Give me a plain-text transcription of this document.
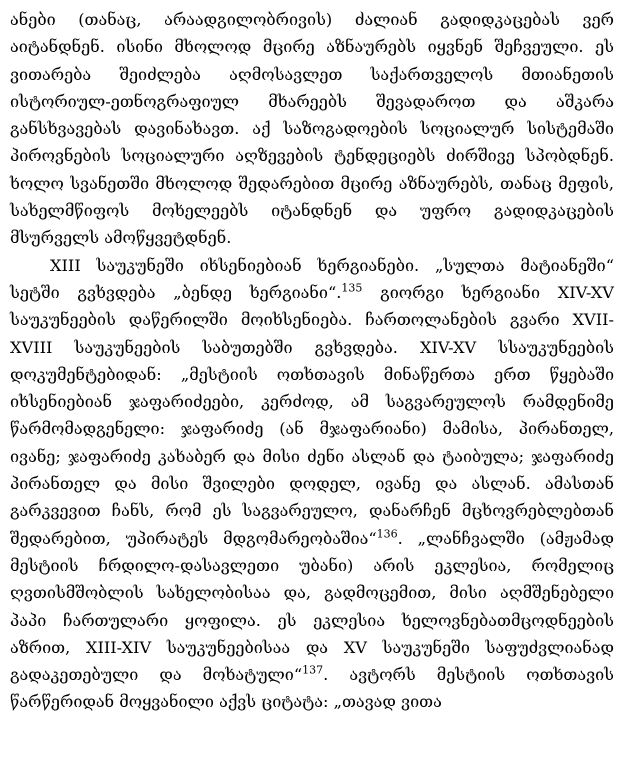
ანები (თანაც, არაადგილობრივის) ძალიან გადიდკაცებას ვერ აიტანდნენ. ისინი მხოლოდ მცირე აზნაურებს იყვნენ შეჩვეული. ეს ვითარება შეიძლება აღმოსავლეთ საქართველოს მთიანეთის ისტორიულ-ეთნოგრაფიულ მხარეებს შევადაროთ და აშკარა განსხვავებას დავინახავთ. აქ საზოგადოების სოციალურ სისტემაში პიროვნების სოციალური აღზევების ტენდეციებს ძირშივე სპობდნენ. ხოლო სვანეთში მხოლოდ შედარებით მცირე აზნაურებს, თანაც მეფის, სახელმწიფოს მოხელეებს იტანდნენ და უფრო გადიდკაცების მსურველს ამოწყვეტდნენ.

XIII საუკუნეში იხსენიებიან ხერგიანები. „სულთა მატიანეში“ სეტში გვხვდება „ბენდე ხერგიანი“.$^{135}$ გიორგი ხერგიანი XIV-XV საუკუნეების დაწერილში მოიხსენიება. ჩართოლანების გვარი XVII-XVIII საუკუნეების საბუთებში გვხვდება. XIV-XV სსაუკუნეების დოკუმენტებიდან: „მესტიის ოთხთავის მინაწერთა ერთ წყებაში იხსენიებიან ჯაფარიძეები, კერძოდ, ამ საგვარეულოს რამდენიმე წარმომადგენელი: ჯაფარიძე (ან მჯაფარიანი) მამისა, პირანთელ, ივანე; ჯაფარიძე კახაბერ და მისი ძენი ასლან და ტაიბულა; ჯაფარიძე პირანთელ და მისი შვილები დოდელ, ივანე და ასლან. ამასთან გარკვევით ჩანს, რომ ეს საგვარეულო, დანარჩენ მცხოვრებლებთან შედარებით, უპირატეს მდგომარეობაშია“$^{136}$. „ლანჩვალში (ამჟამად მესტიის ჩრდილო-დასავლეთი უბანი) არის ეკლესია, რომელიც ღვთისმშობლის სახელობისაა და, გადმოცემით, მისი აღმშენებელი პაპი ჩართულარი ყოფილა. ეს ეკლესია ხელოვნებათმცოდნეების აზრით, XIII-XIV საუკუნეებისაა და XV საუკუნეში საფუძვლიანად გადაკეთებული და მოხატული“$^{137}$. ავტორს მესტიის ოთხთავის წარწერიდან მოყვანილი აქვს ციტატა: „თავად ვითა
